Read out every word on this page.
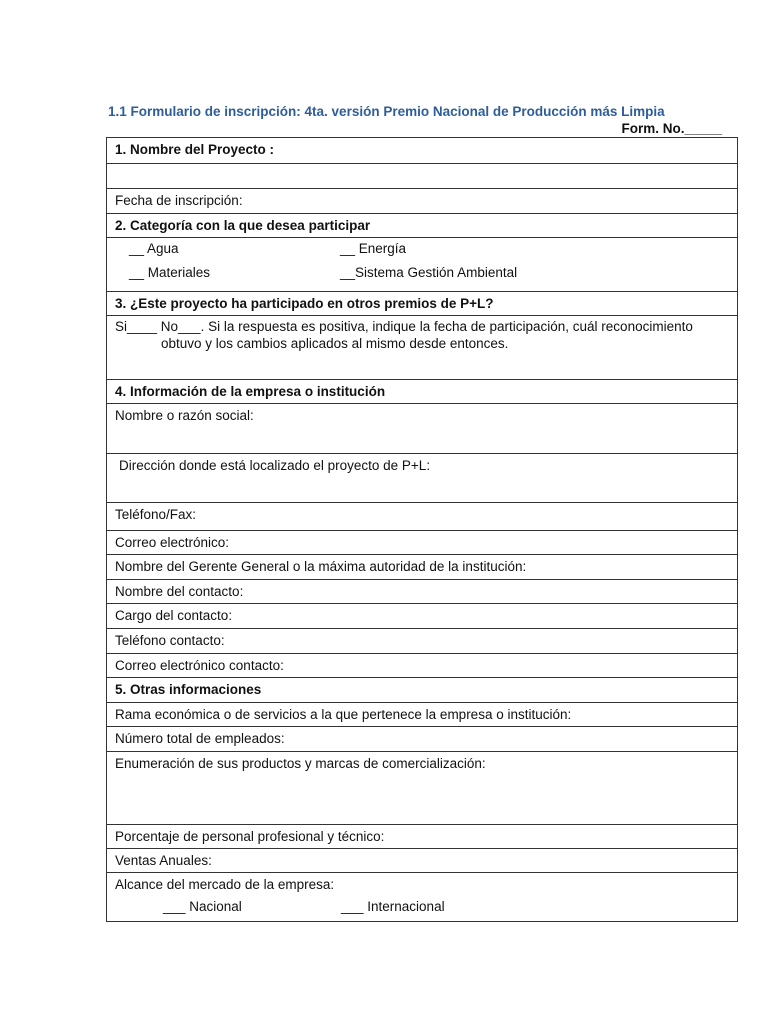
1.1 Formulario de inscripción: 4ta. versión Premio Nacional de Producción más Limpia
Form. No._____
1. Nombre del Proyecto :
Fecha de inscripción:
2. Categoría con la que desea participar
__ Agua	__ Energía
__ Materiales	__Sistema Gestión Ambiental
3. ¿Este proyecto ha participado en otros premios de P+L?
Si____ No___. Si la respuesta es positiva, indique la fecha de participación, cuál reconocimiento
obtuvo y los cambios aplicados al mismo desde entonces.
4. Información de la empresa o institución
Nombre o razón social:
Dirección donde está localizado el proyecto de P+L:
Teléfono/Fax:
Correo electrónico:
Nombre del Gerente General o la máxima autoridad de la institución:
Nombre del contacto:
Cargo del contacto:
Teléfono contacto:
Correo electrónico contacto:
5. Otras informaciones
Rama económica o de servicios a la que pertenece la empresa o institución:
Número total de empleados:
Enumeración de sus productos y marcas de comercialización:
Porcentaje de personal profesional y técnico:
Ventas Anuales:
Alcance del mercado de la empresa:
___ Nacional	___ Internacional
